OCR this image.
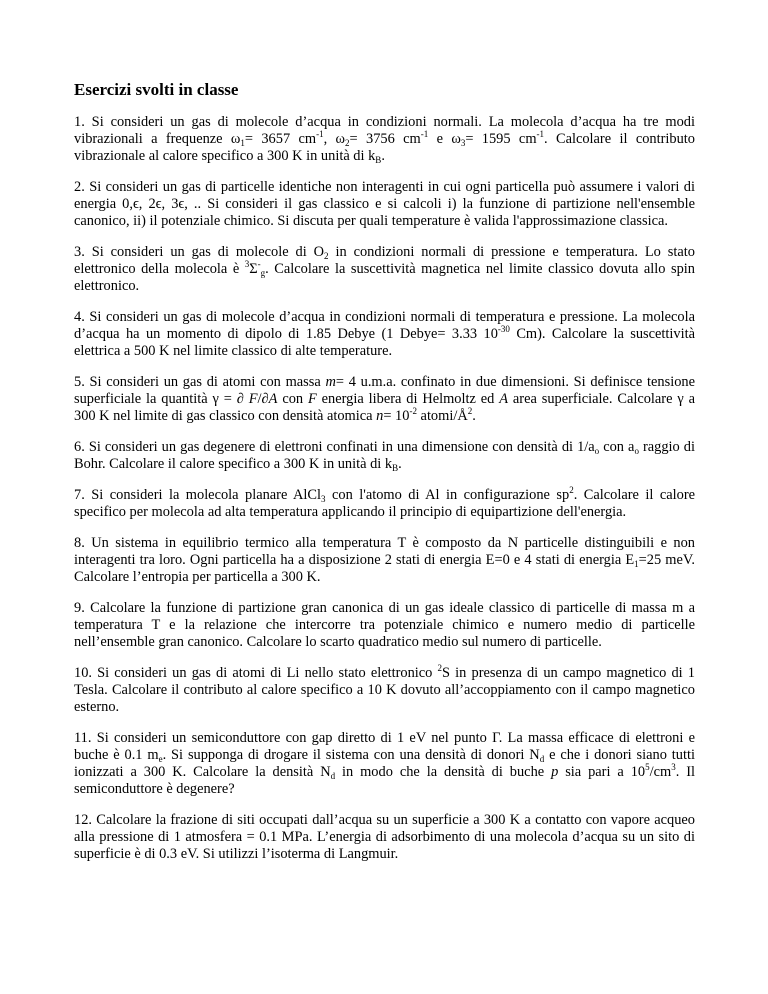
Esercizi svolti in classe

1. Si consideri un gas di molecole d’acqua in condizioni normali. La molecola d’acqua ha tre modi vibrazionali a frequenze $\omega_1= 3657$ $cm^{-1}$, $\omega_2= 3756$ $cm^{-1}$ e $\omega_3= 1595$ $cm^{-1}$. Calcolare il contributo vibrazionale al calore specifico a 300 K in unità di $k_B$.

2. Si consideri un gas di particelle identiche non interagenti in cui ogni particella può assumere i valori di energia 0,ϵ, 2ϵ, 3ϵ, .. Si consideri il gas classico e si calcoli i) la funzione di partizione nell'ensemble canonico, ii) il potenziale chimico. Si discuta per quali temperature è valida l'approssimazione classica.

3. Si consideri un gas di molecole di $O_2$ in condizioni normali di pressione e temperatura. Lo stato elettronico della molecola è $^3\Sigma^-_g$. Calcolare la suscettività magnetica nel limite classico dovuta allo spin elettronico.

4. Si consideri un gas di molecole d’acqua in condizioni normali di temperatura e pressione. La molecola d’acqua ha un momento di dipolo di 1.85 Debye (1 Debye= 3.33 $10^{-30}$ Cm). Calcolare la suscettività elettrica a 500 K nel limite classico di alte temperature.

5. Si consideri un gas di atomi con massa m= 4 u.m.a. confinato in due dimensioni. Si definisce tensione superficiale la quantità γ = ∂ F/∂A con F energia libera di Helmoltz ed A area superficiale. Calcolare γ a 300 K nel limite di gas classico con densità atomica $n= 10^{-2}$ atomi/$Å^2$.

6. Si consideri un gas degenere di elettroni confinati in una dimensione con densità di $1/a_o$ con $a_o$ raggio di Bohr. Calcolare il calore specifico a 300 K in unità di $k_B$.

7. Si consideri la molecola planare AlCl$_3$ con l'atomo di Al in configurazione $sp^2$. Calcolare il calore specifico per molecola ad alta temperatura applicando il principio di equipartizione dell'energia.

8. Un sistema in equilibrio termico alla temperatura T è composto da N particelle distinguibili e non interagenti tra loro. Ogni particella ha a disposizione 2 stati di energia E=0 e 4 stati di energia $E_1=25$ meV. Calcolare l’entropia per particella a 300 K.

9. Calcolare la funzione di partizione gran canonica di un gas ideale classico di particelle di massa m a temperatura T e la relazione che intercorre tra potenziale chimico e numero medio di particelle nell’ensemble gran canonico. Calcolare lo scarto quadratico medio sul numero di particelle.

10. Si consideri un gas di atomi di Li nello stato elettronico $^2$S in presenza di un campo magnetico di 1 Tesla. Calcolare il contributo al calore specifico a 10 K dovuto all’accoppiamento con il campo magnetico esterno.

11. Si consideri un semiconduttore con gap diretto di 1 eV nel punto Γ. La massa efficace di elettroni e buche è 0.1 $m_e$. Si supponga di drogare il sistema con una densità di donori $N_d$ e che i donori siano tutti ionizzati a 300 K. Calcolare la densità $N_d$ in modo che la densità di buche p sia pari a $10^5/cm^3$. Il semiconduttore è degenere?

12. Calcolare la frazione di siti occupati dall’acqua su un superficie a 300 K a contatto con vapore acqueo alla pressione di 1 atmosfera = 0.1 MPa. L’energia di adsorbimento di una molecola d’acqua su un sito di superficie è di 0.3 eV. Si utilizzi l’isoterma di Langmuir.
